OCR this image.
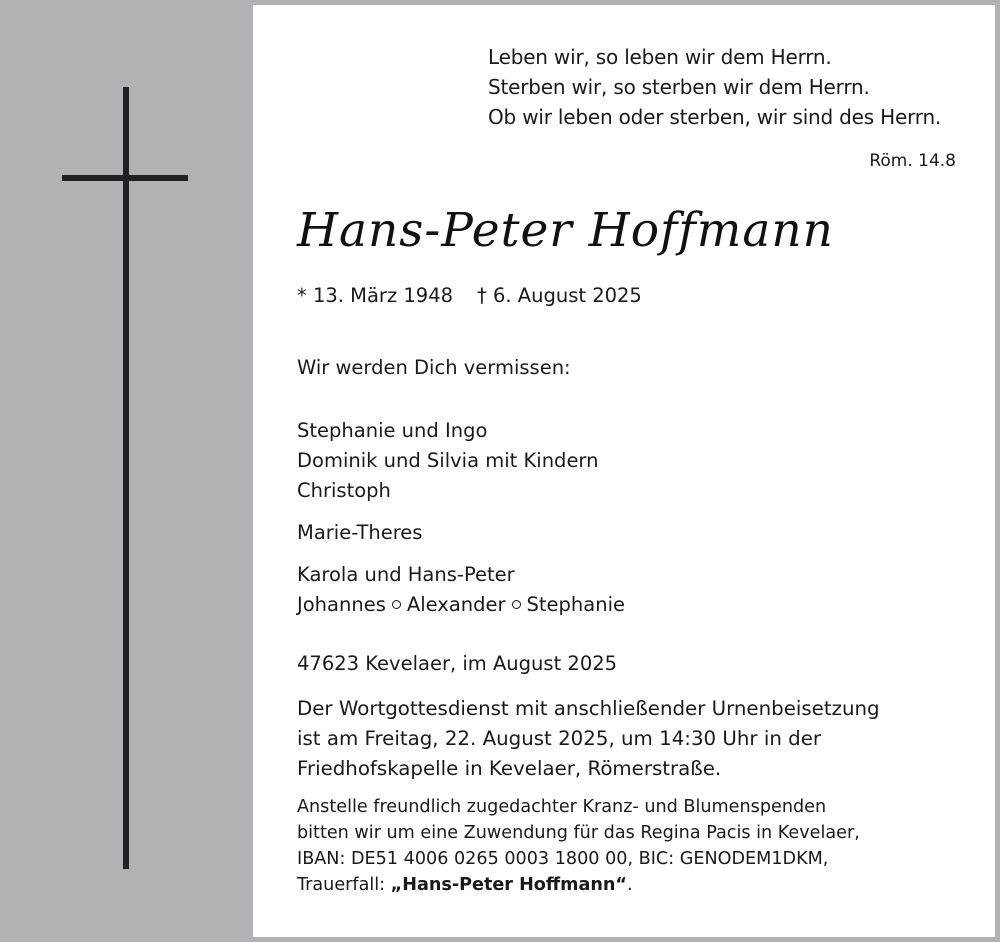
Leben wir, so leben wir dem Herrn.
Sterben wir, so sterben wir dem Herrn.
Ob wir leben oder sterben, wir sind des Herrn.
Röm. 14.8
Hans-Peter Hoffmann
* 13. März 1948 † 6. August 2025
Wir werden Dich vermissen:
Stephanie und Ingo
Dominik und Silvia mit Kindern
Christoph
Marie-Theres
Karola und Hans-Peter
Johannes Alexander Stephanie
47623 Kevelaer, im August 2025
Der Wortgottesdienst mit anschließender Urnenbeisetzung
ist am Freitag, 22. August 2025, um 14:30 Uhr in der
Friedhofskapelle in Kevelaer, Römerstraße.
Anstelle freundlich zugedachter Kranz- und Blumenspenden
bitten wir um eine Zuwendung für das Regina Pacis in Kevelaer,
IBAN: DE51 4006 0265 0003 1800 00, BIC: GENODEM1DKM,
Trauerfall: „Hans-Peter Hoffmann“.
